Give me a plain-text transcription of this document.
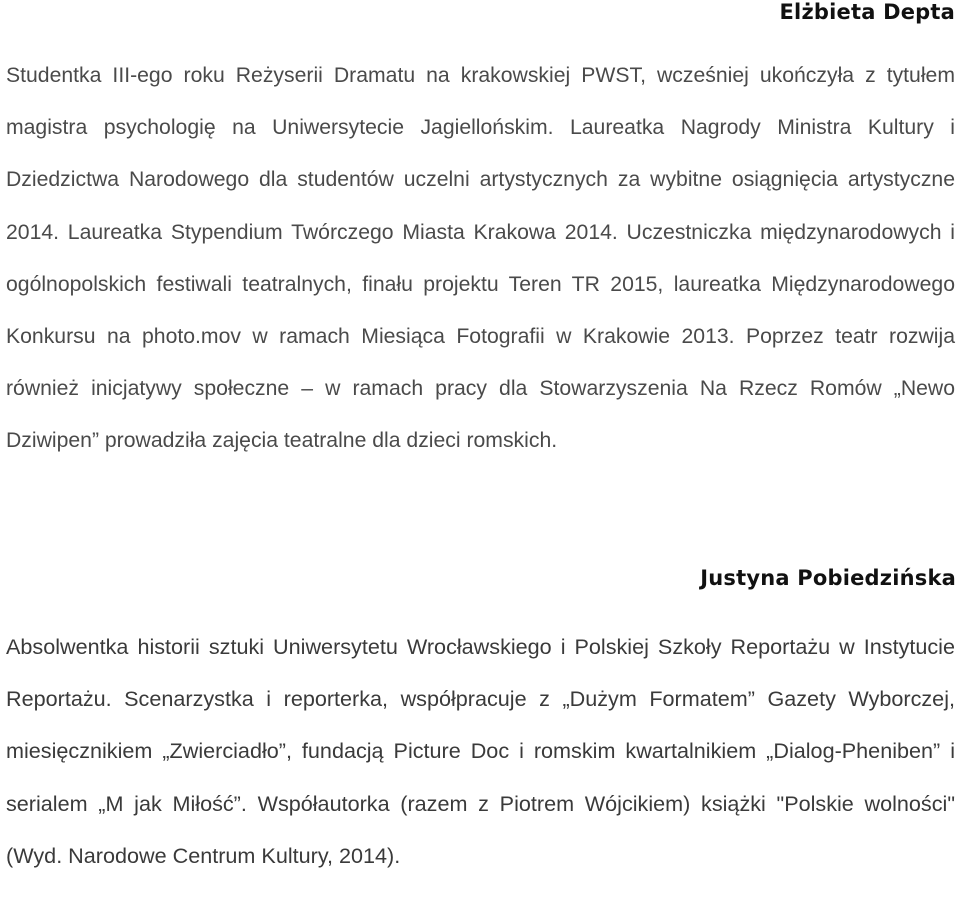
Elżbieta Depta

Studentka III-ego roku Reżyserii Dramatu na krakowskiej PWST, wcześniej ukończyła z tytułem magistra psychologię na Uniwersytecie Jagiellońskim. Laureatka Nagrody Ministra Kultury i Dziedzictwa Narodowego dla studentów uczelni artystycznych za wybitne osiągnięcia artystyczne 2014. Laureatka Stypendium Twórczego Miasta Krakowa 2014. Uczestniczka międzynarodowych i ogólnopolskich festiwali teatralnych, finału projektu Teren TR 2015, laureatka Międzynarodowego Konkursu na photo.mov w ramach Miesiąca Fotografii w Krakowie 2013. Poprzez teatr rozwija również inicjatywy społeczne – w ramach pracy dla Stowarzyszenia Na Rzecz Romów „Newo Dziwipen” prowadziła zajęcia teatralne dla dzieci romskich.

Justyna Pobiedzińska

Absolwentka historii sztuki Uniwersytetu Wrocławskiego i Polskiej Szkoły Reportażu w Instytucie Reportażu. Scenarzystka i reporterka, współpracuje z „Dużym Formatem” Gazety Wyborczej, miesięcznikiem „Zwierciadło”, fundacją Picture Doc i romskim kwartalnikiem „Dialog-Pheniben” i serialem „M jak Miłość”. Współautorka (razem z Piotrem Wójcikiem) książki "Polskie wolności" (Wyd. Narodowe Centrum Kultury, 2014).
